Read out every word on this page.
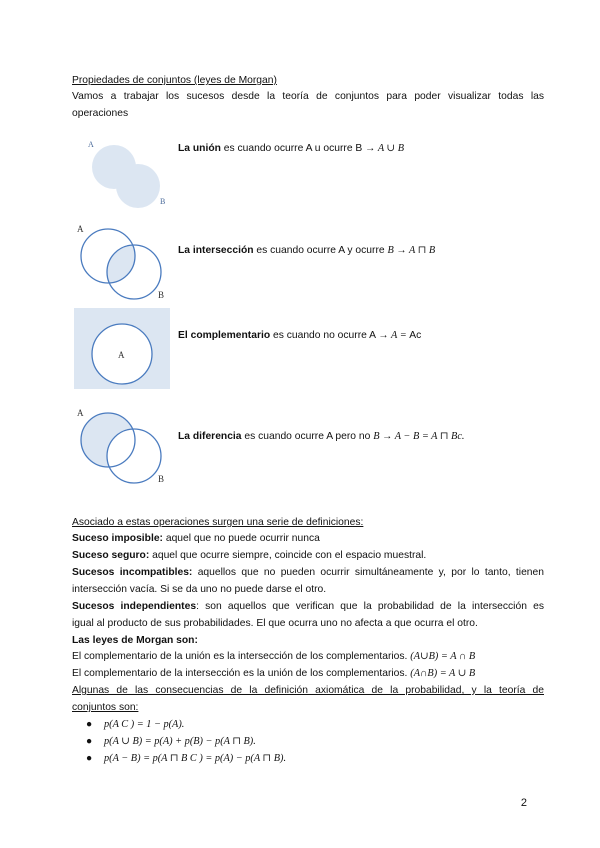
Propiedades de conjuntos (leyes de Morgan)
Vamos a trabajar los sucesos desde la teoría de conjuntos para poder visualizar todas las
operaciones
A
B
La unión es cuando ocurre A u ocurre B → A ∪ B
A
B
La intersección es cuando ocurre A y ocurre B → A ⊓ B
A
El complementario es cuando no ocurre A → A = Ac
A
B
La diferencia es cuando ocurre A pero no B → A − B = A ⊓ Bc.
Asociado a estas operaciones surgen una serie de definiciones:
Suceso imposible: aquel que no puede ocurrir nunca
Suceso seguro: aquel que ocurre siempre, coincide con el espacio muestral.
Sucesos incompatibles: aquellos que no pueden ocurrir simultáneamente y, por lo tanto, tienen
intersección vacía. Si se da uno no puede darse el otro.
Sucesos independientes: son aquellos que verifican que la probabilidad de la intersección es
igual al producto de sus probabilidades. El que ocurra uno no afecta a que ocurra el otro.
Las leyes de Morgan son:
El complementario de la unión es la intersección de los complementarios. (A∪B) = A ∩ B
El complementario de la intersección es la unión de los complementarios. (A∩B) = A ∪ B
Algunas de las consecuencias de la definición axiomática de la probabilidad, y la teoría de
conjuntos son:
● p(A C ) = 1 − p(A).
● p(A ∪ B) = p(A) + p(B) − p(A ⊓ B).
● p(A − B) = p(A ⊓ B C ) = p(A) − p(A ⊓ B).
2
